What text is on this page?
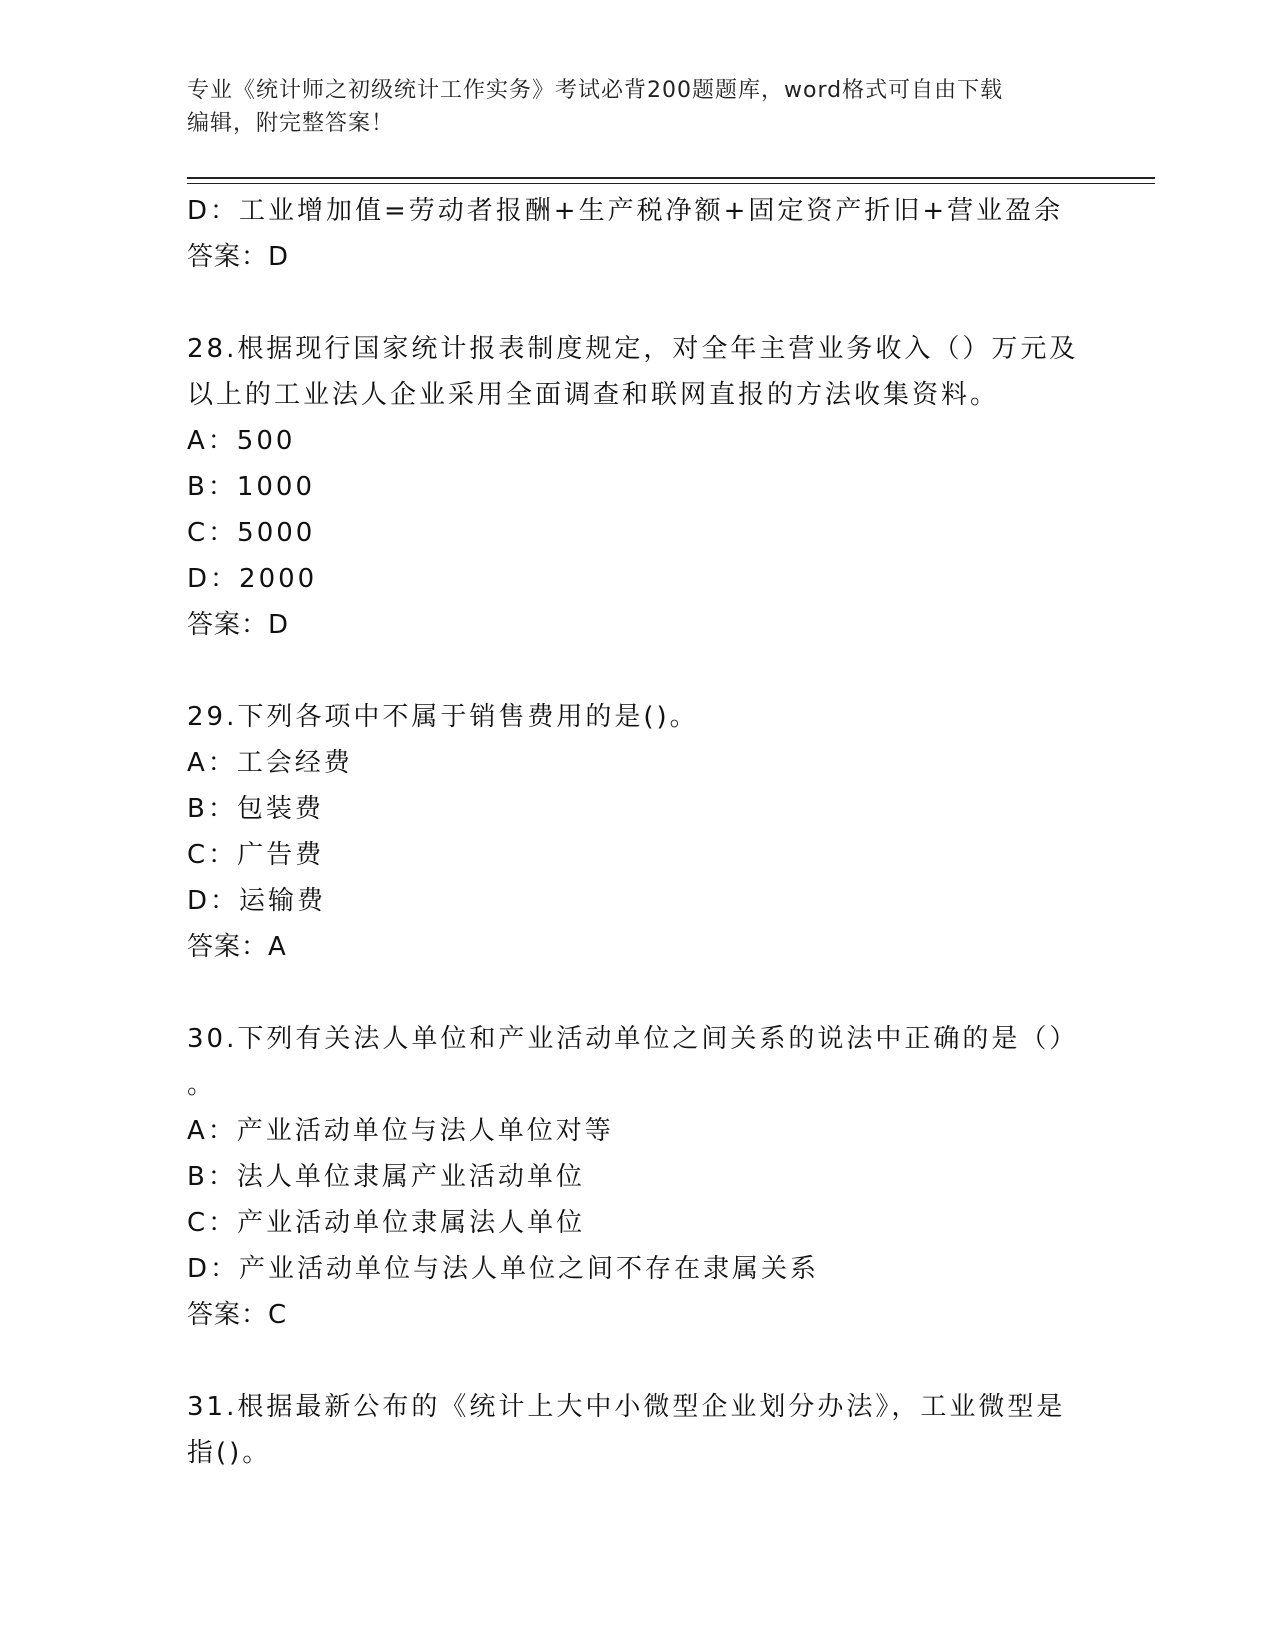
专业《统计师之初级统计工作实务》考试必背200题题库，word格式可自由下载
编辑，附完整答案！
D：工业增加值=劳动者报酬+生产税净额+固定资产折旧+营业盈余
答案：D
28.根据现行国家统计报表制度规定，对全年主营业务收入（）万元及
以上的工业法人企业采用全面调查和联网直报的方法收集资料。
A：500
B：1000
C：5000
D：2000
答案：D
29.下列各项中不属于销售费用的是()。
A：工会经费
B：包装费
C：广告费
D：运输费
答案：A
30.下列有关法人单位和产业活动单位之间关系的说法中正确的是（）
。
A：产业活动单位与法人单位对等
B：法人单位隶属产业活动单位
C：产业活动单位隶属法人单位
D：产业活动单位与法人单位之间不存在隶属关系
答案：C
31.根据最新公布的《统计上大中小微型企业划分办法》，工业微型是
指()。
